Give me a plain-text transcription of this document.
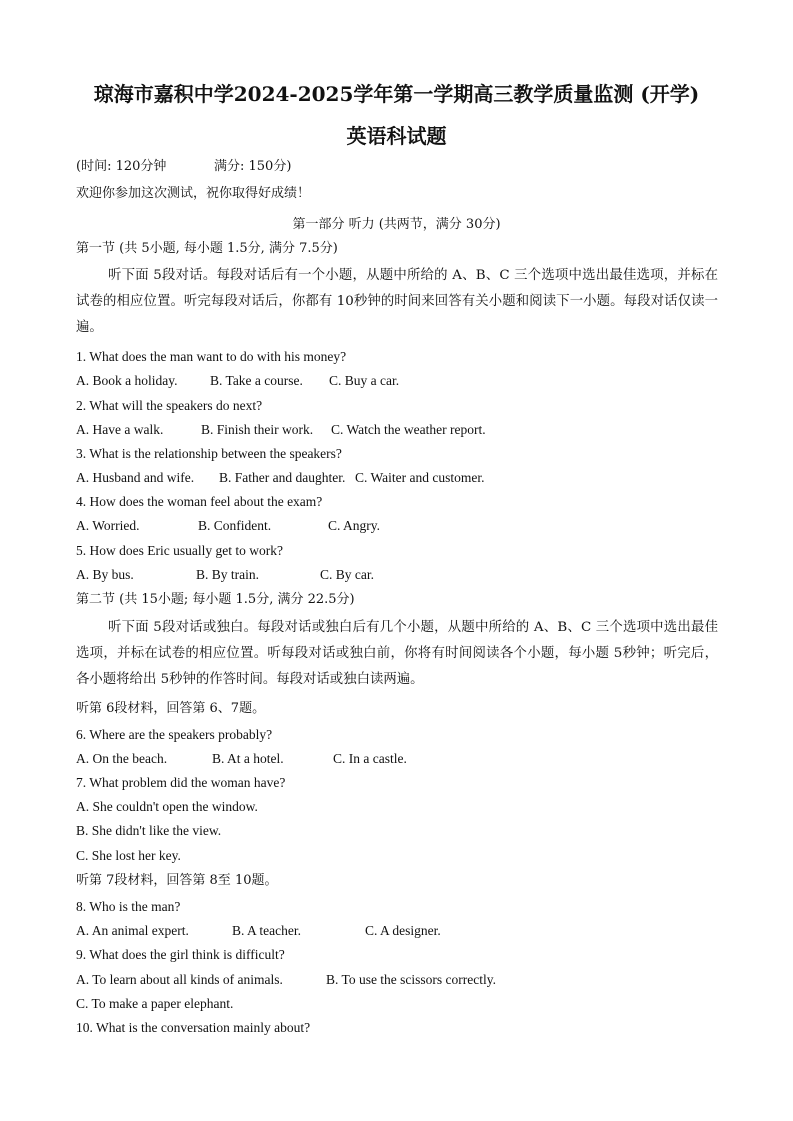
琼海市嘉积中学2024-2025学年第一学期高三教学质量监测 (开学)
英语科试题
(时间: 120分钟	满分: 150分)
欢迎你参加这次测试，祝你取得好成绩！
第一部分 听力 (共两节，满分 30分)
第一节 (共 5小题, 每小题 1.5分, 满分 7.5分)
听下面 5段对话。每段对话后有一个小题，从题中所给的 A、B、C 三个选项中选出最佳选项，并标在试卷的相应位置。听完每段对话后，你都有 10秒钟的时间来回答有关小题和阅读下一小题。每段对话仅读一遍。
1. What does the man want to do with his money?
A. Book a holiday. B. Take a course. C. Buy a car.
2. What will the speakers do next?
A. Have a walk.	B. Finish their work. C. Watch the weather report.
3. What is the relationship between the speakers?
A. Husband and wife. B. Father and daughter. C. Waiter and customer.
4. How does the woman feel about the exam?
A. Worried.	B. Confident.	C. Angry.
5. How does Eric usually get to work?
A. By bus.	B. By train.	C. By car.
第二节 (共 15小题; 每小题 1.5分, 满分 22.5分)
听下面 5段对话或独白。每段对话或独白后有几个小题，从题中所给的 A、B、C 三个选项中选出最佳选项，并标在试卷的相应位置。听每段对话或独白前，你将有时间阅读各个小题，每小题 5秒钟；听完后，各小题将给出 5秒钟的作答时间。每段对话或独白读两遍。
听第 6段材料，回答第 6、7题。
6. Where are the speakers probably?
A. On the beach.	B. At a hotel.	C. In a castle.
7. What problem did the woman have?
A. She couldn't open the window.
B. She didn't like the view.
C. She lost her key.
听第 7段材料，回答第 8至 10题。
8. Who is the man?
A. An animal expert.	B. A teacher.	C. A designer.
9. What does the girl think is difficult?
A. To learn about all kinds of animals.	B. To use the scissors correctly.
C. To make a paper elephant.
10. What is the conversation mainly about?
